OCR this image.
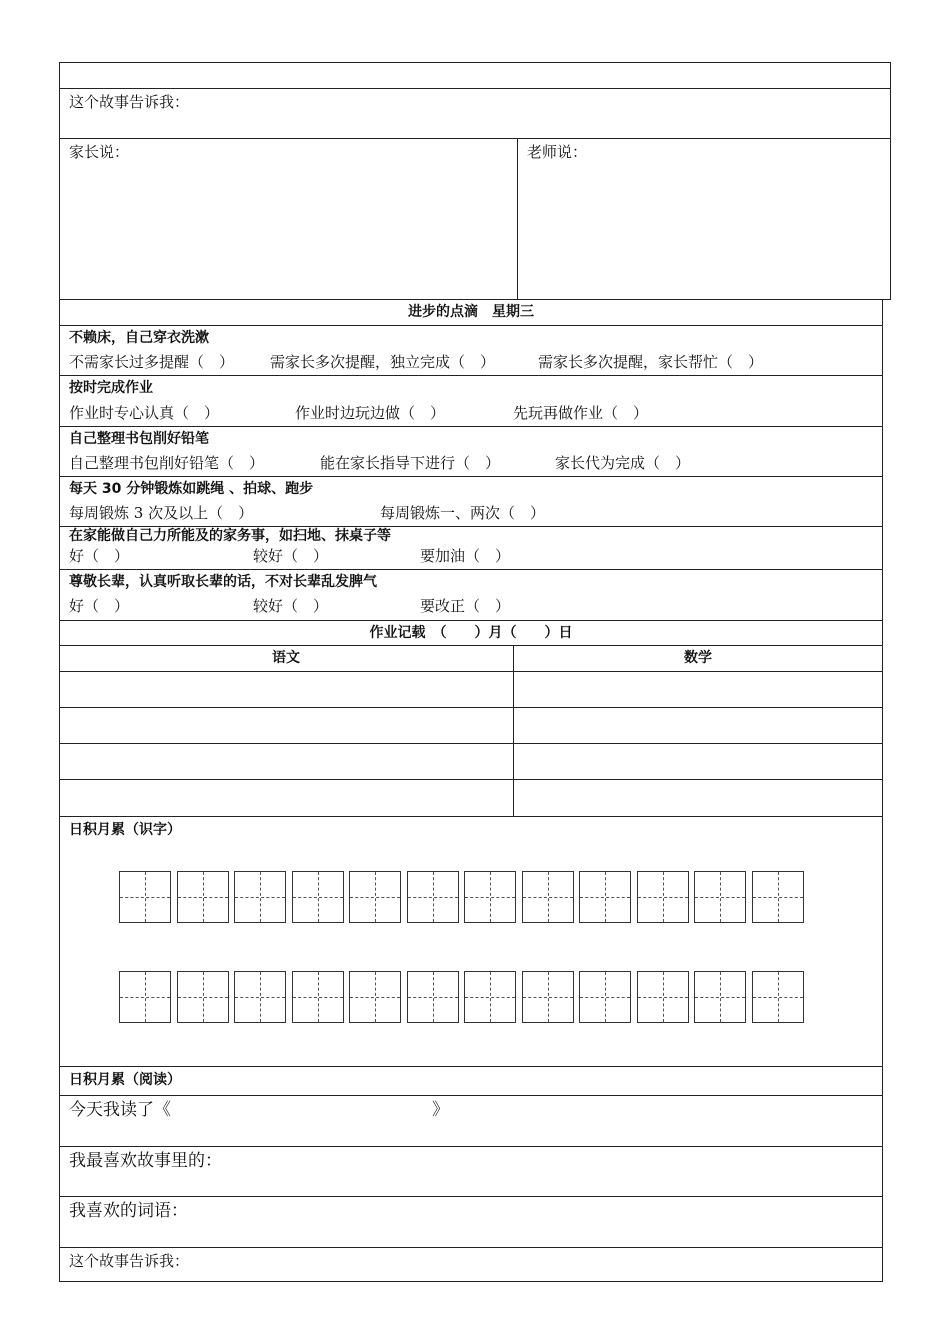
这个故事告诉我：
家长说：	老师说：
进步的点滴　星期三
不赖床，自己穿衣洗漱
不需家长过多提醒（　） 需家长多次提醒，独立完成（　）	需家长多次提醒，家长帮忙（　）
按时完成作业
作业时专心认真（　）	作业时边玩边做（　）	先玩再做作业（　）
自己整理书包削好铅笔
自己整理书包削好铅笔（　）	能在家长指导下进行（　）	家长代为完成（　）
每天 30 分钟锻炼如跳绳 、拍球、跑步
每周锻炼 3 次及以上（　）	每周锻炼一、两次（　）
在家能做自己力所能及的家务事，如扫地、抹桌子等
好（　）	较好（　）	要加油（　）
尊敬长辈，认真听取长辈的话，不对长辈乱发脾气
好（　）	较好（　）	要改正（　）
作业记载　（　　）月（　　）日
语文	数学
日积月累（识字）
日积月累（阅读）
今天我读了《	》
我最喜欢故事里的：
我喜欢的词语：
这个故事告诉我：
